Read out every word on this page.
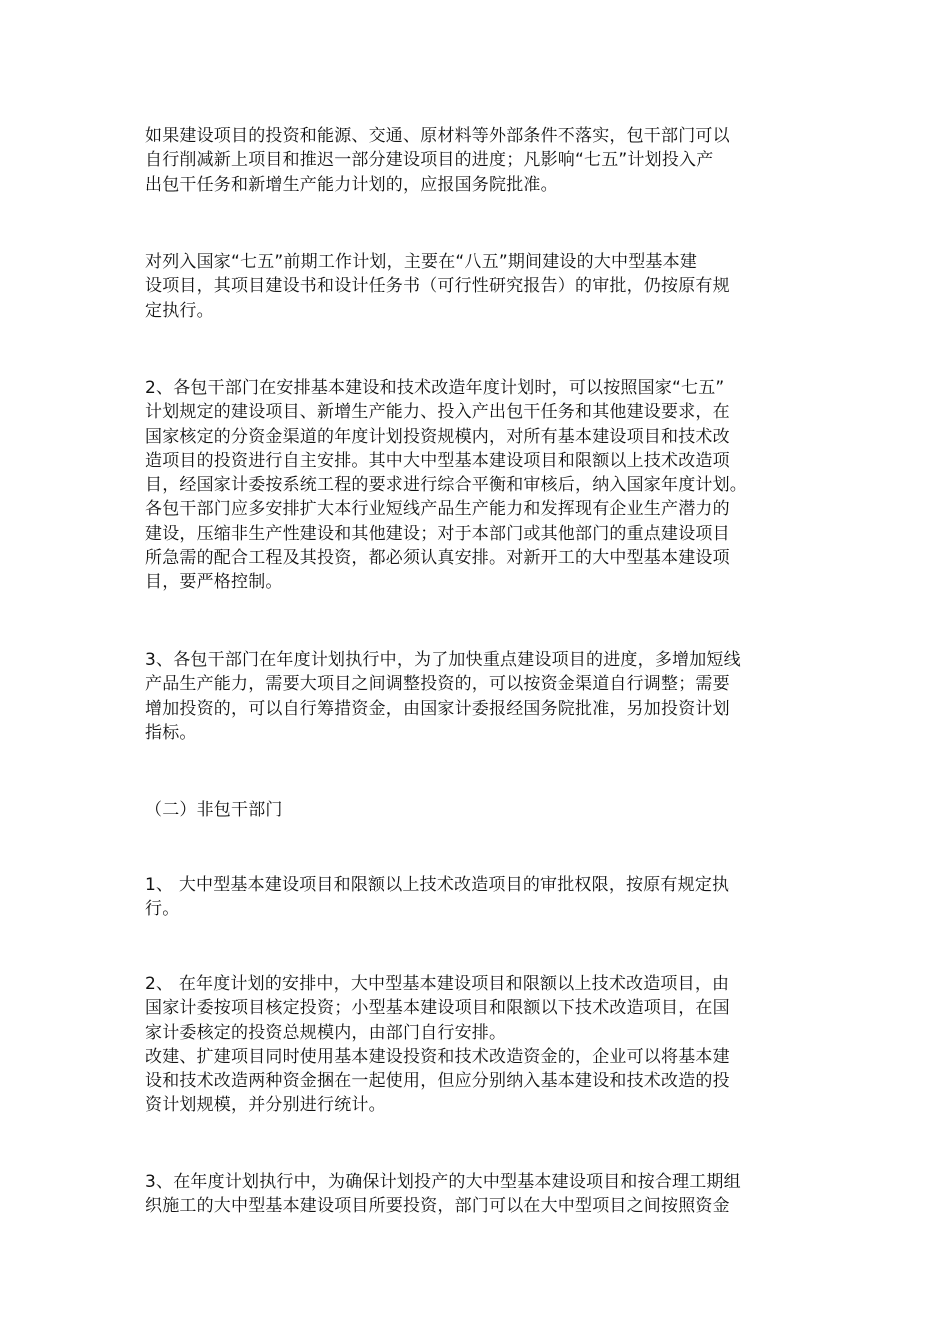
如果建设项目的投资和能源、交通、原材料等外部条件不落实，包干部门可以
自行削减新上项目和推迟一部分建设项目的进度；凡影响“七五”计划投入产
出包干任务和新增生产能力计划的，应报国务院批准。

对列入国家“七五”前期工作计划，主要在“八五”期间建设的大中型基本建
设项目，其项目建设书和设计任务书（可行性研究报告）的审批，仍按原有规
定执行。

2、各包干部门在安排基本建设和技术改造年度计划时，可以按照国家“七五”
计划规定的建设项目、新增生产能力、投入产出包干任务和其他建设要求，在
国家核定的分资金渠道的年度计划投资规模内，对所有基本建设项目和技术改
造项目的投资进行自主安排。其中大中型基本建设项目和限额以上技术改造项
目，经国家计委按系统工程的要求进行综合平衡和审核后，纳入国家年度计划。
各包干部门应多安排扩大本行业短线产品生产能力和发挥现有企业生产潜力的
建设，压缩非生产性建设和其他建设；对于本部门或其他部门的重点建设项目
所急需的配合工程及其投资，都必须认真安排。对新开工的大中型基本建设项
目，要严格控制。

3、各包干部门在年度计划执行中，为了加快重点建设项目的进度，多增加短线
产品生产能力，需要大项目之间调整投资的，可以按资金渠道自行调整；需要
增加投资的，可以自行筹措资金，由国家计委报经国务院批准，另加投资计划
指标。

（二）非包干部门

1、 大中型基本建设项目和限额以上技术改造项目的审批权限，按原有规定执
行。

2、 在年度计划的安排中，大中型基本建设项目和限额以上技术改造项目，由
国家计委按项目核定投资；小型基本建设项目和限额以下技术改造项目，在国
家计委核定的投资总规模内，由部门自行安排。
改建、扩建项目同时使用基本建设投资和技术改造资金的，企业可以将基本建
设和技术改造两种资金捆在一起使用，但应分别纳入基本建设和技术改造的投
资计划规模，并分别进行统计。

3、在年度计划执行中，为确保计划投产的大中型基本建设项目和按合理工期组
织施工的大中型基本建设项目所要投资，部门可以在大中型项目之间按照资金
